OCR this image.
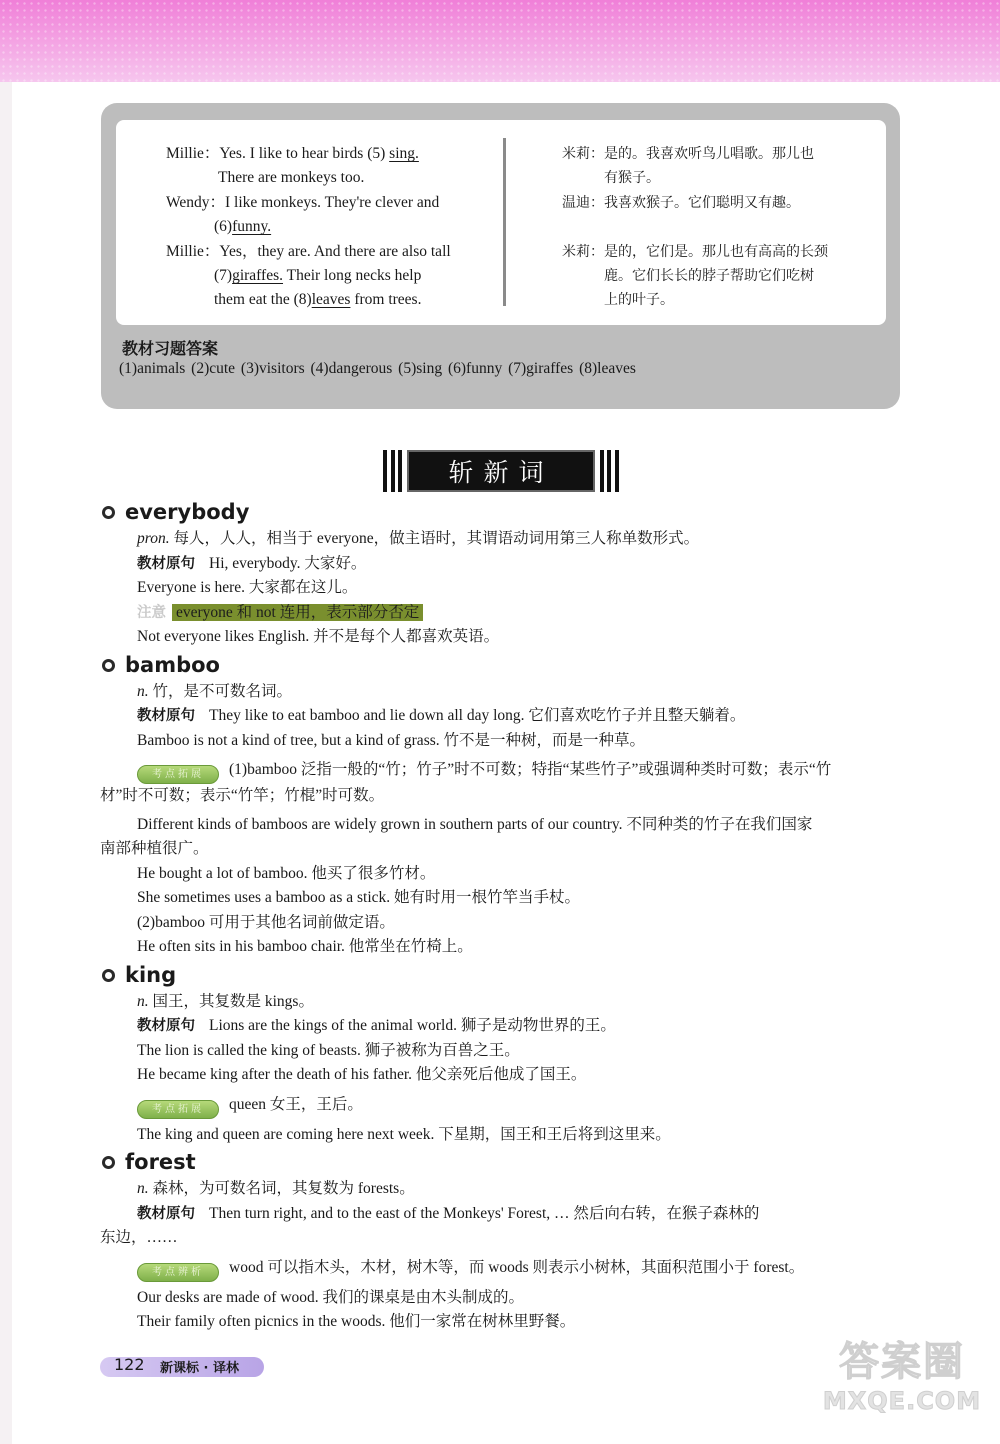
Millie：Yes. I like to hear birds (5) sing.
There are monkeys too.
Wendy：I like monkeys. They're clever and
(6)funny.
Millie：Yes，they are. And there are also tall
(7)giraffes. Their long necks help
them eat the (8)leaves from trees.
米莉：是的。我喜欢听鸟儿唱歌。那儿也
有猴子。
温迪：我喜欢猴子。它们聪明又有趣。
米莉：是的，它们是。那儿也有高高的长颈
鹿。它们长长的脖子帮助它们吃树
上的叶子。
教材习题答案
(1)animals (2)cute (3)visitors (4)dangerous (5)sing (6)funny (7)giraffes (8)leaves
斩新词
everybody
pron. 每人，人人，相当于 everyone，做主语时，其谓语动词用第三人称单数形式。
教材原句 Hi, everybody. 大家好。
Everyone is here. 大家都在这儿。
注意 everyone 和 not 连用，表示部分否定
Not everyone likes English. 并不是每个人都喜欢英语。
bamboo
n. 竹，是不可数名词。
教材原句 They like to eat bamboo and lie down all day long. 它们喜欢吃竹子并且整天躺着。
Bamboo is not a kind of tree, but a kind of grass. 竹不是一种树，而是一种草。
考点拓展 (1)bamboo 泛指一般的“竹；竹子”时不可数；特指“某些竹子”或强调种类时可数；表示“竹
材”时不可数；表示“竹竿；竹棍”时可数。
Different kinds of bamboos are widely grown in southern parts of our country. 不同种类的竹子在我们国家
南部种植很广。
He bought a lot of bamboo. 他买了很多竹材。
She sometimes uses a bamboo as a stick. 她有时用一根竹竿当手杖。
(2)bamboo 可用于其他名词前做定语。
He often sits in his bamboo chair. 他常坐在竹椅上。
king
n. 国王，其复数是 kings。
教材原句 Lions are the kings of the animal world. 狮子是动物世界的王。
The lion is called the king of beasts. 狮子被称为百兽之王。
He became king after the death of his father. 他父亲死后他成了国王。
考点拓展 queen 女王，王后。
The king and queen are coming here next week. 下星期，国王和王后将到这里来。
forest
n. 森林，为可数名词，其复数为 forests。
教材原句 Then turn right, and to the east of the Monkeys' Forest, … 然后向右转，在猴子森林的
东边，……
考点辨析 wood 可以指木头，木材，树木等，而 woods 则表示小树林，其面积范围小于 forest。
Our desks are made of wood. 我们的课桌是由木头制成的。
Their family often picnics in the woods. 他们一家常在树林里野餐。
122 新课标 · 译林	答案圈
MXQE.COM
